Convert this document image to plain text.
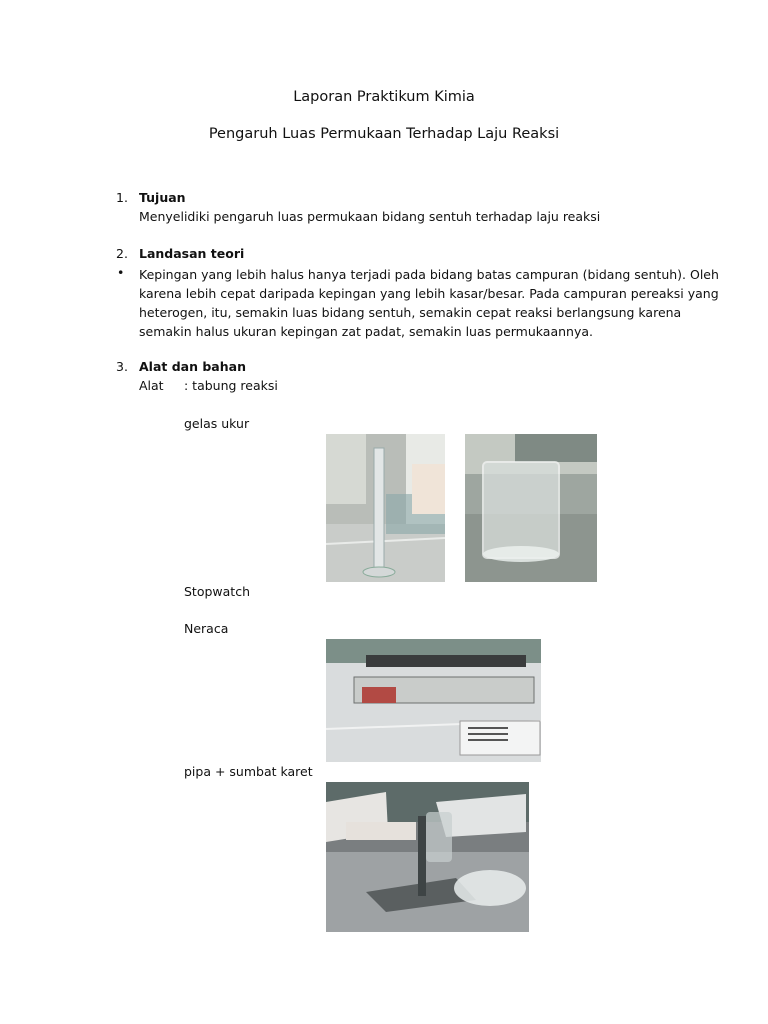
Laporan Praktikum Kimia
Pengaruh Luas Permukaan Terhadap Laju Reaksi
1. Tujuan
Menyelidiki pengaruh luas permukaan bidang sentuh terhadap laju reaksi
2. Landasan teori
• Kepingan yang lebih halus hanya terjadi pada bidang batas campuran (bidang sentuh). Oleh
karena lebih cepat daripada kepingan yang lebih kasar/besar. Pada campuran pereaksi yang
heterogen, itu, semakin luas bidang sentuh, semakin cepat reaksi berlangsung karena
semakin halus ukuran kepingan zat padat, semakin luas permukaannya.
3. Alat dan bahan
Alat : tabung reaksi
gelas ukur
Stopwatch
Neraca
pipa + sumbat karet
